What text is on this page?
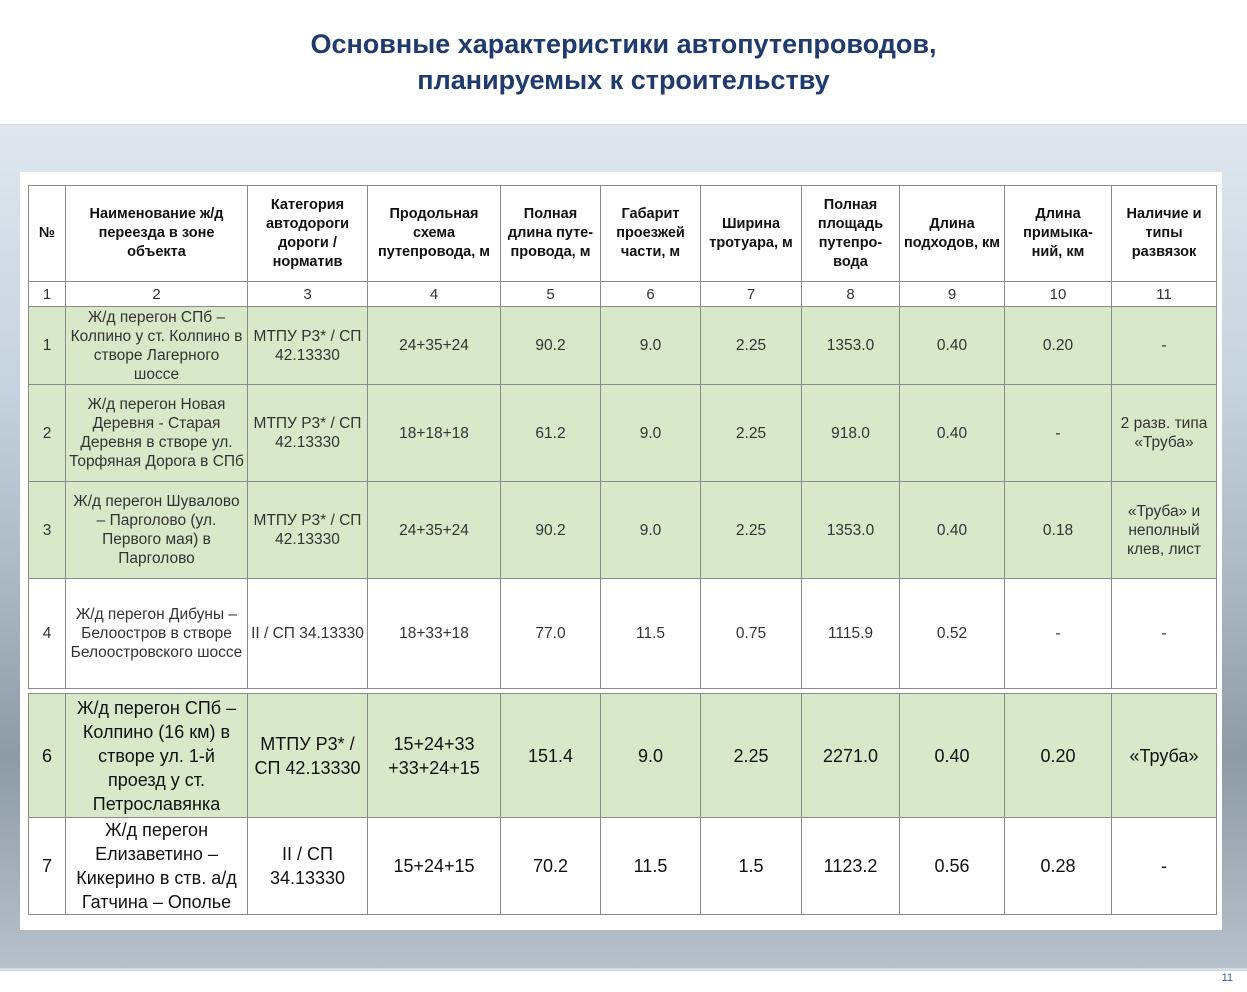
Основные характеристики автопутепроводов,
планируемых к строительству
№	Наименование ж/д переезда в зоне объекта	Категория автодороги дороги / норматив	Продольная схема путепровода, м	Полная длина путе-провода, м	Габарит проезжей части, м	Ширина тротуара, м	Полная площадь путепро-вода	Длина подходов, км	Длина примыка-ний, км	Наличие и типы развязок
1	2	3	4	5	6	7	8	9	10	11
1	Ж/д перегон СПб – Колпино у ст. Колпино в створе Лагерного шоссе	МТПУ Р3* / СП 42.13330	24+35+24	90.2	9.0	2.25	1353.0	0.40	0.20	-
2	Ж/д перегон Новая Деревня - Старая Деревня в створе ул. Торфяная Дорога в СПб	МТПУ Р3* / СП 42.13330	18+18+18	61.2	9.0	2.25	918.0	0.40	-	2 разв. типа «Труба»
3	Ж/д перегон Шувалово – Парголово (ул. Первого мая) в Парголово	МТПУ Р3* / СП 42.13330	24+35+24	90.2	9.0	2.25	1353.0	0.40	0.18	«Труба» и неполный клев, лист
4	Ж/д перегон Дибуны – Белоостров в створе Белоостровского шоссе	II / СП 34.13330	18+33+18	77.0	11.5	0.75	1115.9	0.52	-	-

6	Ж/д перегон СПб – Колпино (16 км) в створе ул. 1-й проезд у ст. Петрославянка	МТПУ Р3* / СП 42.13330	15+24+33 +33+24+15	151.4	9.0	2.25	2271.0	0.40	0.20	«Труба»
7	Ж/д перегон Елизаветино – Кикерино в ств. а/д Гатчина – Ополье	II / СП 34.13330	15+24+15	70.2	11.5	1.5	1123.2	0.56	0.28	-
11
